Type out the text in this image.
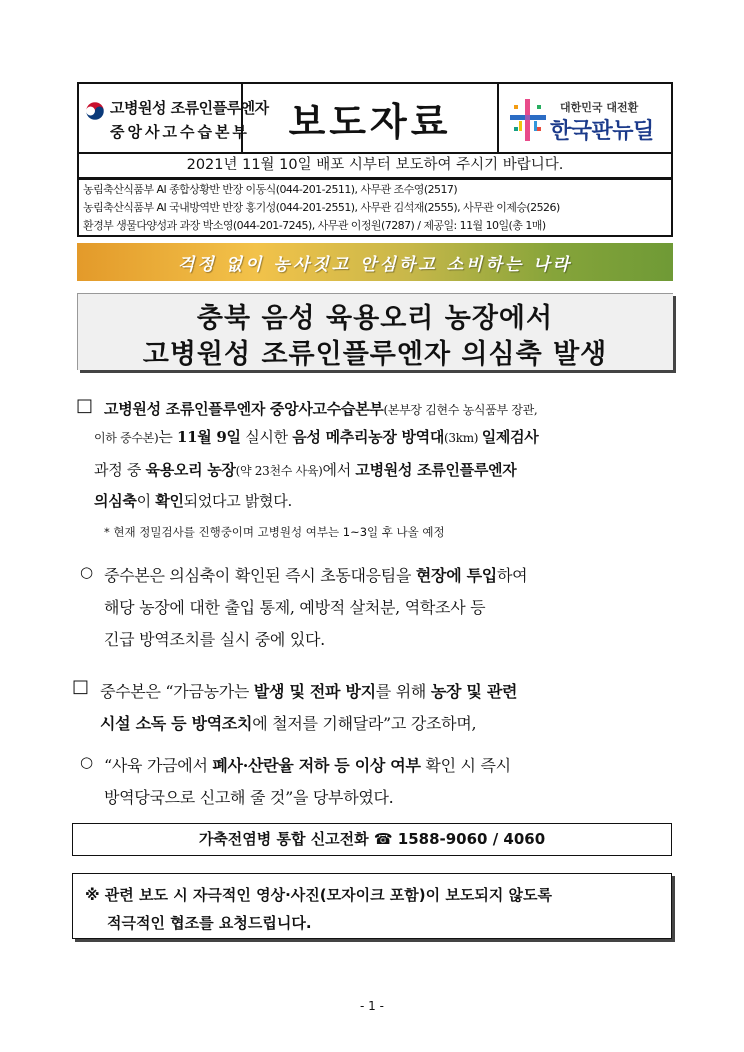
고병원성 조류인플루엔자
중앙사고수습본부	보도자료	대한민국 대전환
한국판뉴딜
2021년 11월 10일 배포 시부터 보도하여 주시기 바랍니다.
농림축산식품부 AI 종합상황반 반장 이동식(044-201-2511), 사무관 조수영(2517)
농림축산식품부 AI 국내방역반 반장 홍기성(044-201-2551), 사무관 김석재(2555), 사무관 이제승(2526)
환경부 생물다양성과 과장 박소영(044-201-7245), 사무관 이정원(7287) / 제공일: 11월 10일(총 1매)
걱정 없이 농사짓고 안심하고 소비하는 나라
충북 음성 육용오리 농장에서
고병원성 조류인플루엔자 의심축 발생
□ 고병원성 조류인플루엔자 중앙사고수습본부(본부장 김현수 농식품부 장관,
이하 중수본)는 11월 9일 실시한 음성 메추리농장 방역대(3km) 일제검사
과정 중 육용오리 농장(약 23천수 사육)에서 고병원성 조류인플루엔자
의심축이 확인되었다고 밝혔다.
* 현재 정밀검사를 진행중이며 고병원성 여부는 1~3일 후 나올 예정
○ 중수본은 의심축이 확인된 즉시 초동대응팀을 현장에 투입하여
해당 농장에 대한 출입 통제, 예방적 살처분, 역학조사 등
긴급 방역조치를 실시 중에 있다.
□ 중수본은 “가금농가는 발생 및 전파 방지를 위해 농장 및 관련
시설 소독 등 방역조치에 철저를 기해달라”고 강조하며,
○ “사육 가금에서 폐사·산란율 저하 등 이상 여부 확인 시 즉시
방역당국으로 신고해 줄 것”을 당부하였다.
가축전염병 통합 신고전화 ☎ 1588-9060 / 4060
※ 관련 보도 시 자극적인 영상·사진(모자이크 포함)이 보도되지 않도록
적극적인 협조를 요청드립니다.
- 1 -
